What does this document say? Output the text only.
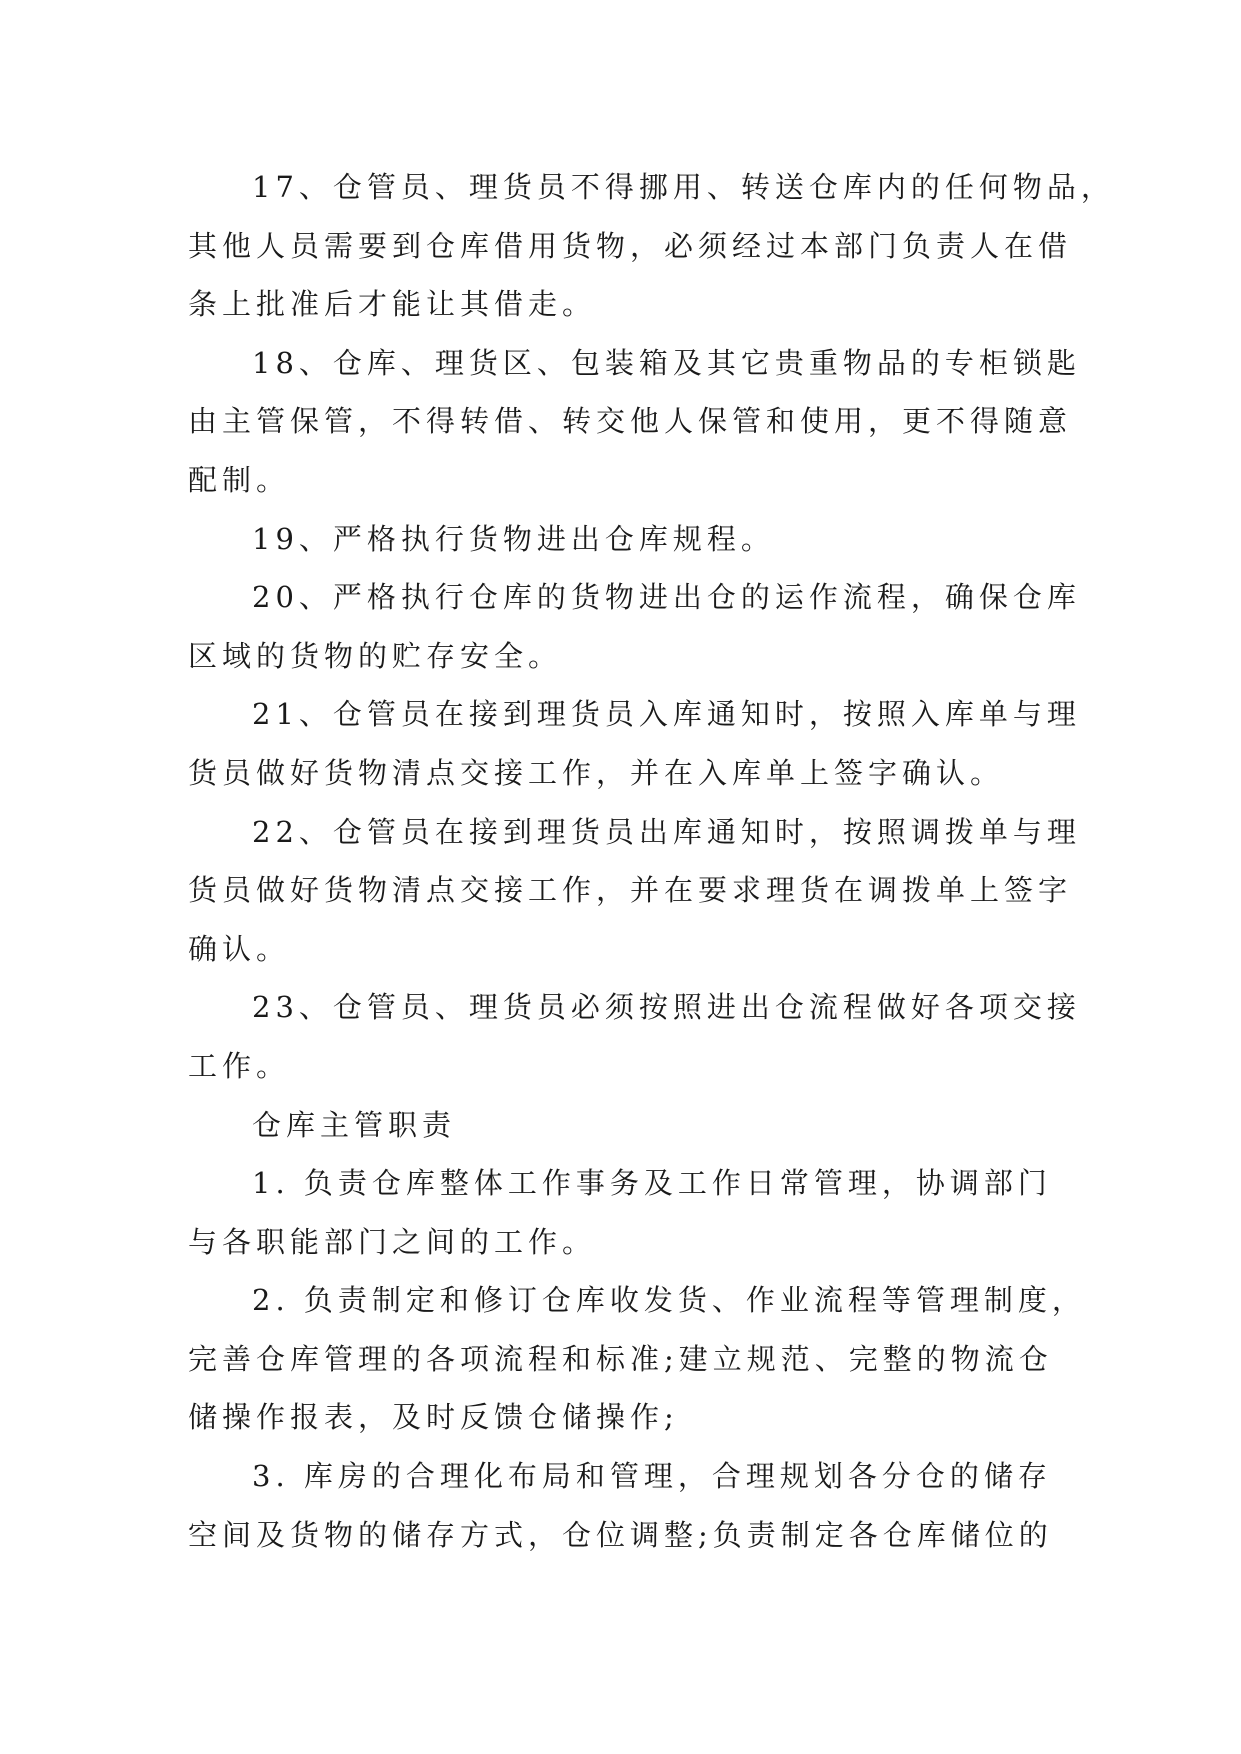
17、仓管员、理货员不得挪用、转送仓库内的任何物品，
其他人员需要到仓库借用货物，必须经过本部门负责人在借
条上批准后才能让其借走。
18、仓库、理货区、包装箱及其它贵重物品的专柜锁匙
由主管保管，不得转借、转交他人保管和使用，更不得随意
配制。
19、严格执行货物进出仓库规程。
20、严格执行仓库的货物进出仓的运作流程，确保仓库
区域的货物的贮存安全。
21、仓管员在接到理货员入库通知时，按照入库单与理
货员做好货物清点交接工作，并在入库单上签字确认。
22、仓管员在接到理货员出库通知时，按照调拨单与理
货员做好货物清点交接工作，并在要求理货在调拨单上签字
确认。
23、仓管员、理货员必须按照进出仓流程做好各项交接
工作。
仓库主管职责
1. 负责仓库整体工作事务及工作日常管理，协调部门
与各职能部门之间的工作。
2. 负责制定和修订仓库收发货、作业流程等管理制度，
完善仓库管理的各项流程和标准;建立规范、完整的物流仓
储操作报表，及时反馈仓储操作;
3. 库房的合理化布局和管理，合理规划各分仓的储存
空间及货物的储存方式，仓位调整;负责制定各仓库储位的
